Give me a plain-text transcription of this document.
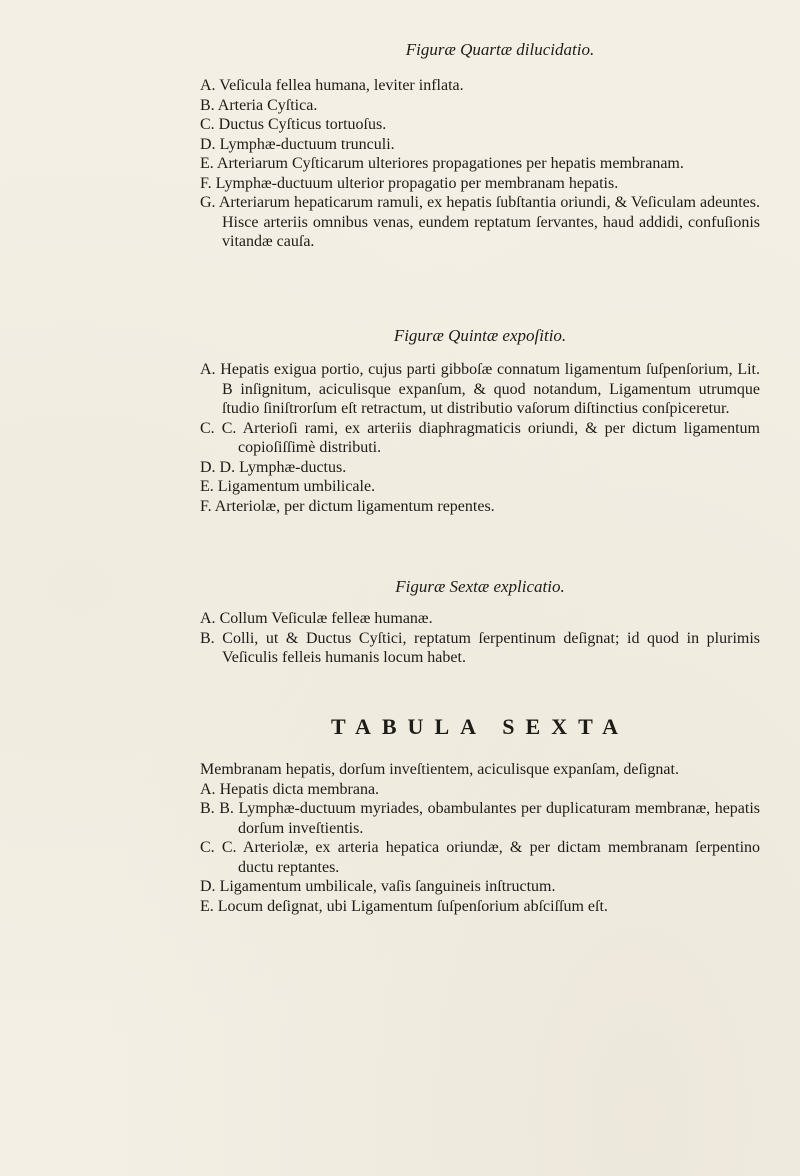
Figuræ Quartæ dilucidatio.

A. Veſicula fellea humana, leviter inflata.

B. Arteria Cyſtica.

C. Ductus Cyſticus tortuoſus.

D. Lymphæ-ductuum trunculi.

E. Arteriarum Cyſticarum ulteriores propagationes per hepatis membranam.

F. Lymphæ-ductuum ulterior propagatio per membranam hepatis.

G. Arteriarum hepaticarum ramuli, ex hepatis ſubſtantia oriundi, & Veſiculam adeuntes. Hisce arteriis omnibus venas, eundem reptatum ſervantes, haud addidi, confuſionis vitandæ cauſa.

Figuræ Quintæ expoſitio.

A. Hepatis exigua portio, cujus parti gibboſæ connatum ligamentum ſuſpenſorium, Lit. B inſignitum, aciculisque expanſum, & quod notandum, Ligamentum utrumque ſtudio ſiniſtrorſum eſt retractum, ut distributio vaſorum diſtinctius conſpiceretur.

C. C. Arterioſi rami, ex arteriis diaphragmaticis oriundi, & per dictum ligamentum copioſiſſimè distributi.

D. D. Lymphæ-ductus.

E. Ligamentum umbilicale.

F. Arteriolæ, per dictum ligamentum repentes.

Figuræ Sextæ explicatio.

A. Collum Veſiculæ felleæ humanæ.

B. Colli, ut & Ductus Cyſtici, reptatum ſerpentinum deſignat; id quod in plurimis Veſiculis felleis humanis locum habet.

TABULA SEXTA

Membranam hepatis, dorſum inveſtientem, aciculisque expanſam, deſignat.

A. Hepatis dicta membrana.

B. B. Lymphæ-ductuum myriades, obambulantes per duplicaturam membranæ, hepatis dorſum inveſtientis.

C. C. Arteriolæ, ex arteria hepatica oriundæ, & per dictam membranam ſerpentino ductu reptantes.

D. Ligamentum umbilicale, vaſis ſanguineis inſtructum.

E. Locum deſignat, ubi Ligamentum ſuſpenſorium abſciſſum eſt.
